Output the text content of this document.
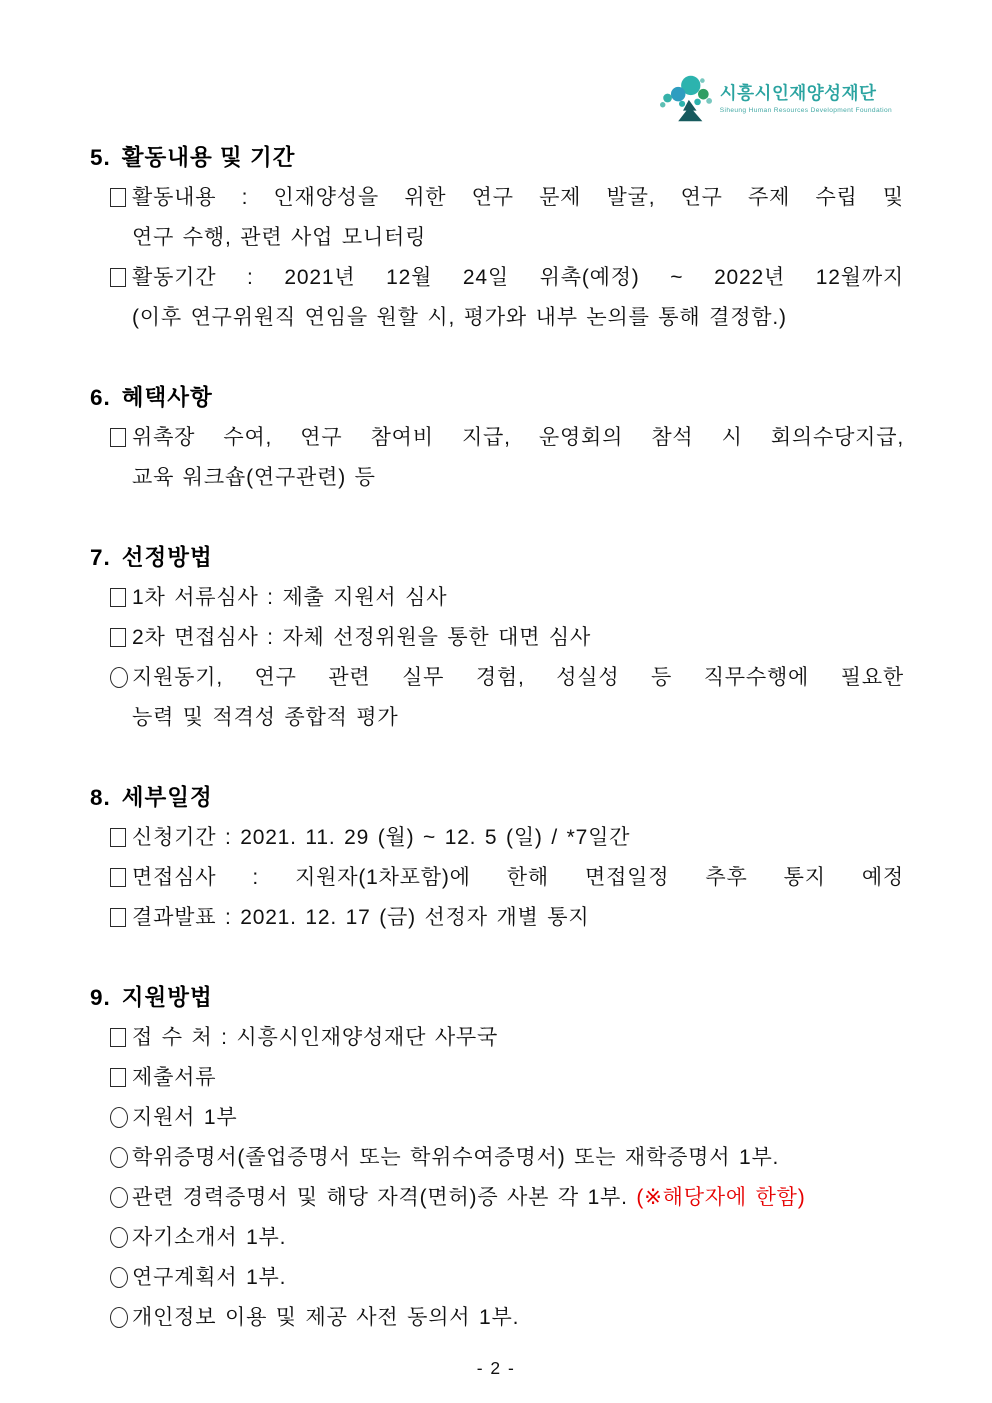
시흥시인재양성재단
Siheung Human Resources Development Foundation
5. 활동내용 및 기간
활동내용 : 인재양성을 위한 연구 문제 발굴, 연구 주제 수립 및
연구 수행, 관련 사업 모니터링
활동기간 : 2021년 12월 24일 위촉(예정) ~ 2022년 12월까지
(이후 연구위원직 연임을 원할 시, 평가와 내부 논의를 통해 결정함.)
6. 혜택사항
위촉장 수여, 연구 참여비 지급, 운영회의 참석 시 회의수당지급,
교육 워크숍(연구관련) 등
7. 선정방법
1차 서류심사 : 제출 지원서 심사
2차 면접심사 : 자체 선정위원을 통한 대면 심사
지원동기, 연구 관련 실무 경험, 성실성 등 직무수행에 필요한
능력 및 적격성 종합적 평가
8. 세부일정
신청기간 : 2021. 11. 29 (월) ~ 12. 5 (일) / *7일간
면접심사 : 지원자(1차포함)에 한해 면접일정 추후 통지 예정
결과발표 : 2021. 12. 17 (금) 선정자 개별 통지
9. 지원방법
접 수 처 : 시흥시인재양성재단 사무국
제출서류
지원서 1부
학위증명서(졸업증명서 또는 학위수여증명서) 또는 재학증명서 1부.
관련 경력증명서 및 해당 자격(면허)증 사본 각 1부. (※해당자에 한함)
자기소개서 1부.
연구계획서 1부.
개인정보 이용 및 제공 사전 동의서 1부.
- 2 -
